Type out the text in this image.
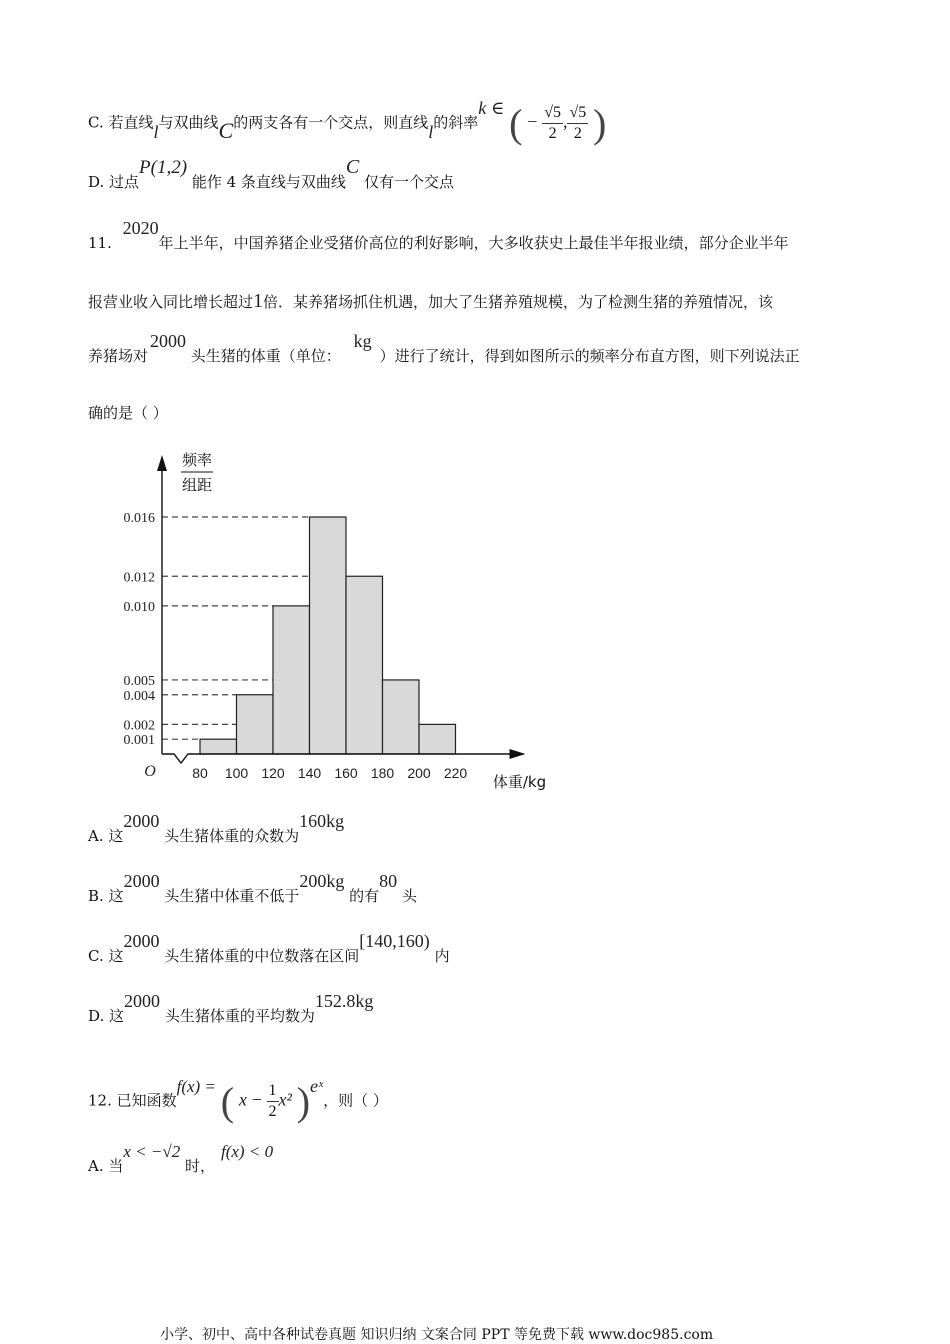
C. 若直线l与双曲线C的两支各有一个交点，则直线l的斜率k ∈ ( − $\frac{√5}{2}$ , $\frac{√5}{2}$ )
D. 过点P(1,2) 能作 4 条直线与双曲线C 仅有一个交点
11. 2020年上半年，中国养猪企业受猪价高位的利好影响，大多收获史上最佳半年报业绩，部分企业半年
报营业收入同比增长超过1倍．某养猪场抓住机遇，加大了生猪养殖规模，为了检测生猪的养殖情况，该
养猪场对2000 头生猪的体重（单位： kg）进行了统计，得到如图所示的频率分布直方图，则下列说法正
确的是（ ）
0.001
0.002
0.004
0.005
0.010
0.012
0.016
80 100 120 140 160 180 200 220
O
频率
组距
体重/kg
A. 这2000 头生猪体重的众数为160kg
B. 这2000 头生猪中体重不低于200kg 的有80 头
C. 这2000 头生猪体重的中位数落在区间[140,160) 内
D. 这2000 头生猪体重的平均数为152.8kg
12. 已知函数f(x) = ( $x - \frac{1}{2} x^2$ )eˣ，则（ ）
A. 当x < −√2 时，f(x) < 0
小学、初中、高中各种试卷真题 知识归纳 文案合同 PPT 等免费下载 www.doc985.com
